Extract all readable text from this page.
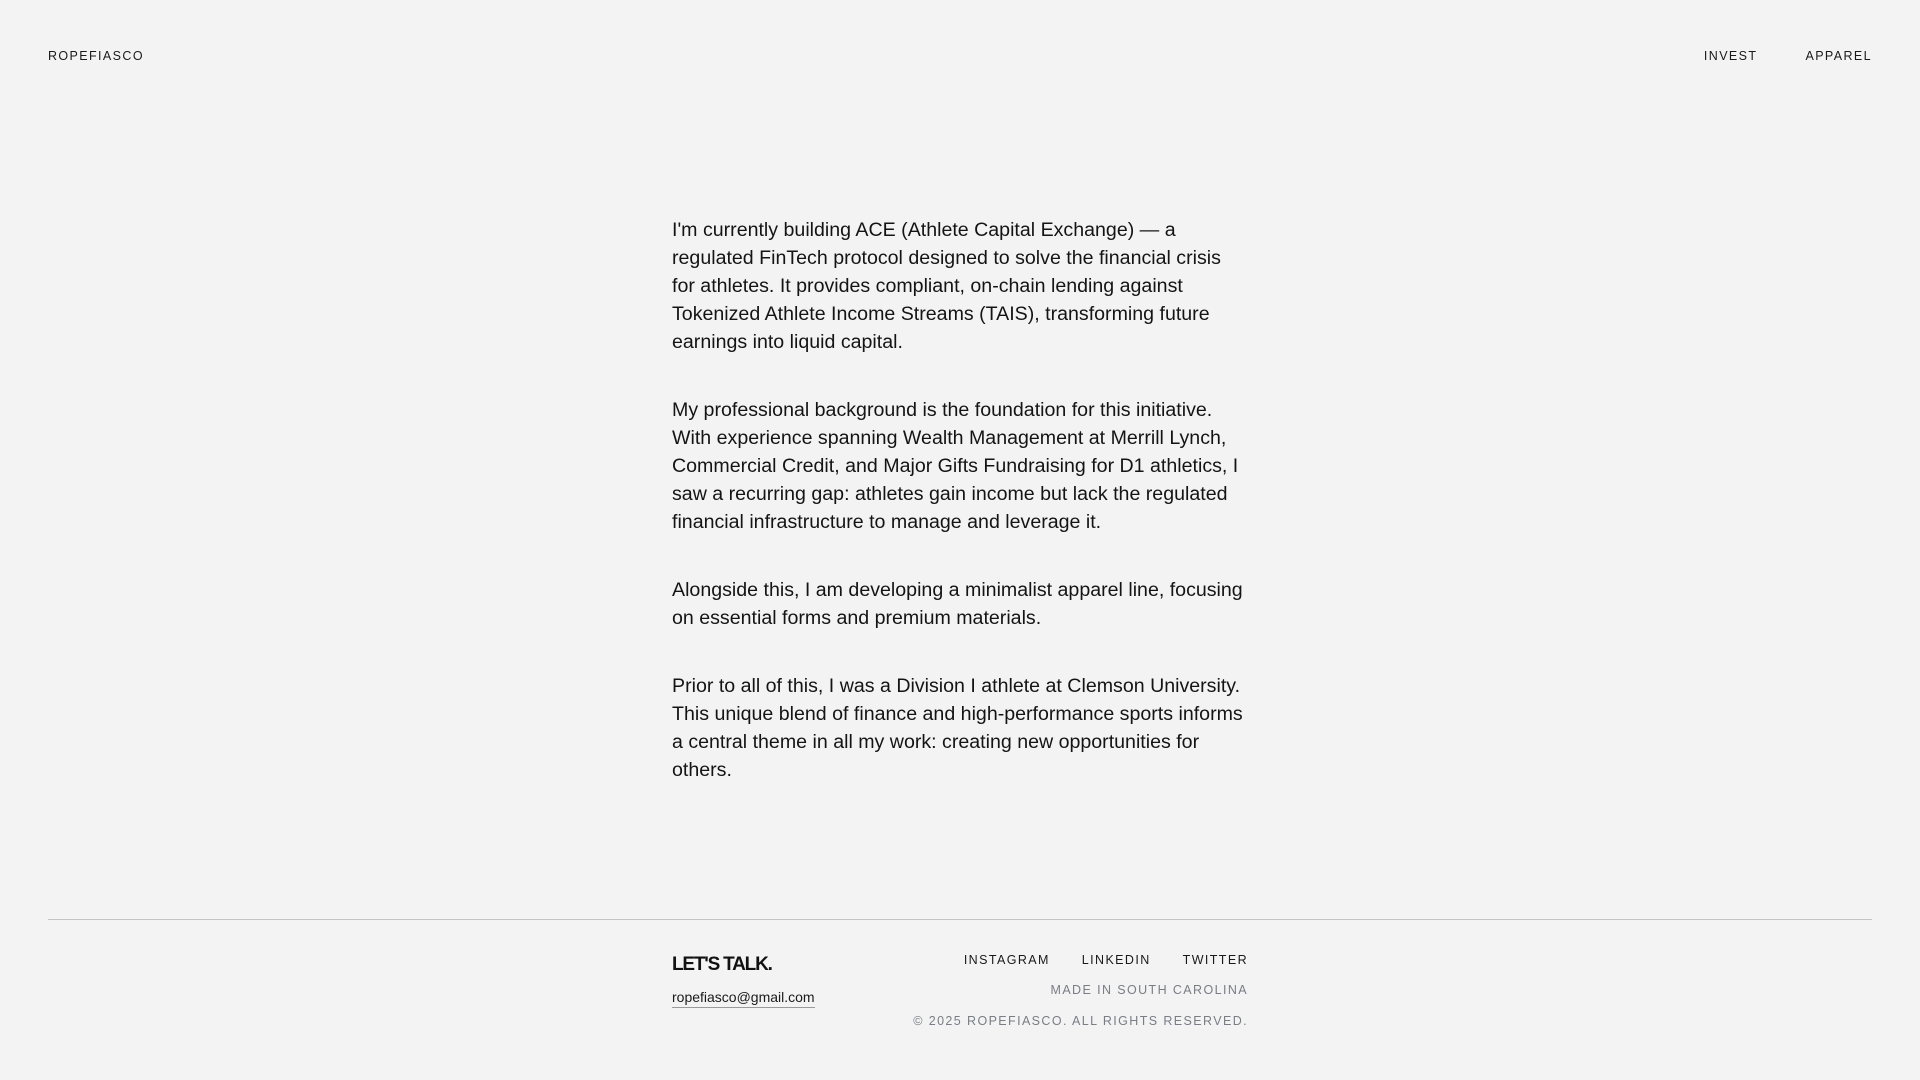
ROPEFIASCO	INVEST	APPAREL

I'm currently building ACE (Athlete Capital Exchange) — a regulated FinTech protocol designed to solve the financial crisis for athletes. It provides compliant, on-chain lending against Tokenized Athlete Income Streams (TAIS), transforming future earnings into liquid capital.

My professional background is the foundation for this initiative. With experience spanning Wealth Management at Merrill Lynch, Commercial Credit, and Major Gifts Fundraising for D1 athletics, I saw a recurring gap: athletes gain income but lack the regulated financial infrastructure to manage and leverage it.

Alongside this, I am developing a minimalist apparel line, focusing on essential forms and premium materials.

Prior to all of this, I was a Division I athlete at Clemson University. This unique blend of finance and high-performance sports informs a central theme in all my work: creating new opportunities for others.

LET'S TALK.
ropefiasco@gmail.com
INSTAGRAM	LINKEDIN	TWITTER
MADE IN SOUTH CAROLINA
© 2025 ROPEFIASCO. ALL RIGHTS RESERVED.
